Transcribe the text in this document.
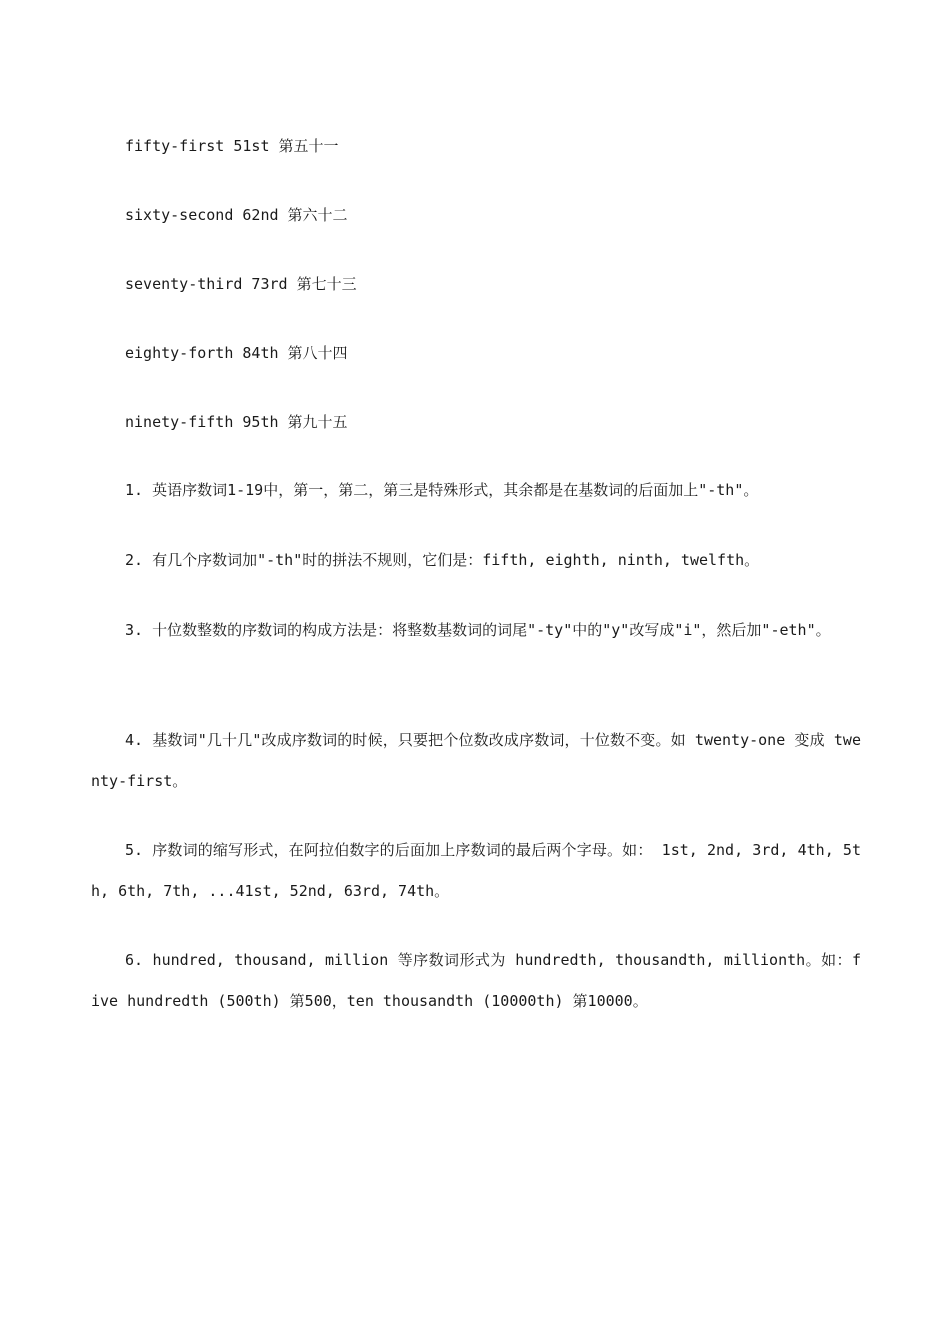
fifty-first 51st 第五十一
sixty-second 62nd 第六十二
seventy-third 73rd 第七十三
eighty-forth 84th 第八十四
ninety-fifth 95th 第九十五
1. 英语序数词1-19中，第一，第二，第三是特殊形式，其余都是在基数词的后面加上"-th"。
2. 有几个序数词加"-th"时的拼法不规则，它们是：fifth, eighth, ninth, twelfth。
3. 十位数整数的序数词的构成方法是：将整数基数词的词尾"-ty"中的"y"改写成"i"，然后加"-eth"。
4. 基数词"几十几"改成序数词的时候，只要把个位数改成序数词，十位数不变。如 twenty-one 变成 twenty-first。
5. 序数词的缩写形式，在阿拉伯数字的后面加上序数词的最后两个字母。如： 1st, 2nd, 3rd, 4th, 5th, 6th, 7th, ...41st, 52nd, 63rd, 74th。
6. hundred, thousand, million 等序数词形式为 hundredth, thousandth, millionth。如：five hundredth (500th) 第500，ten thousandth (10000th) 第10000。
